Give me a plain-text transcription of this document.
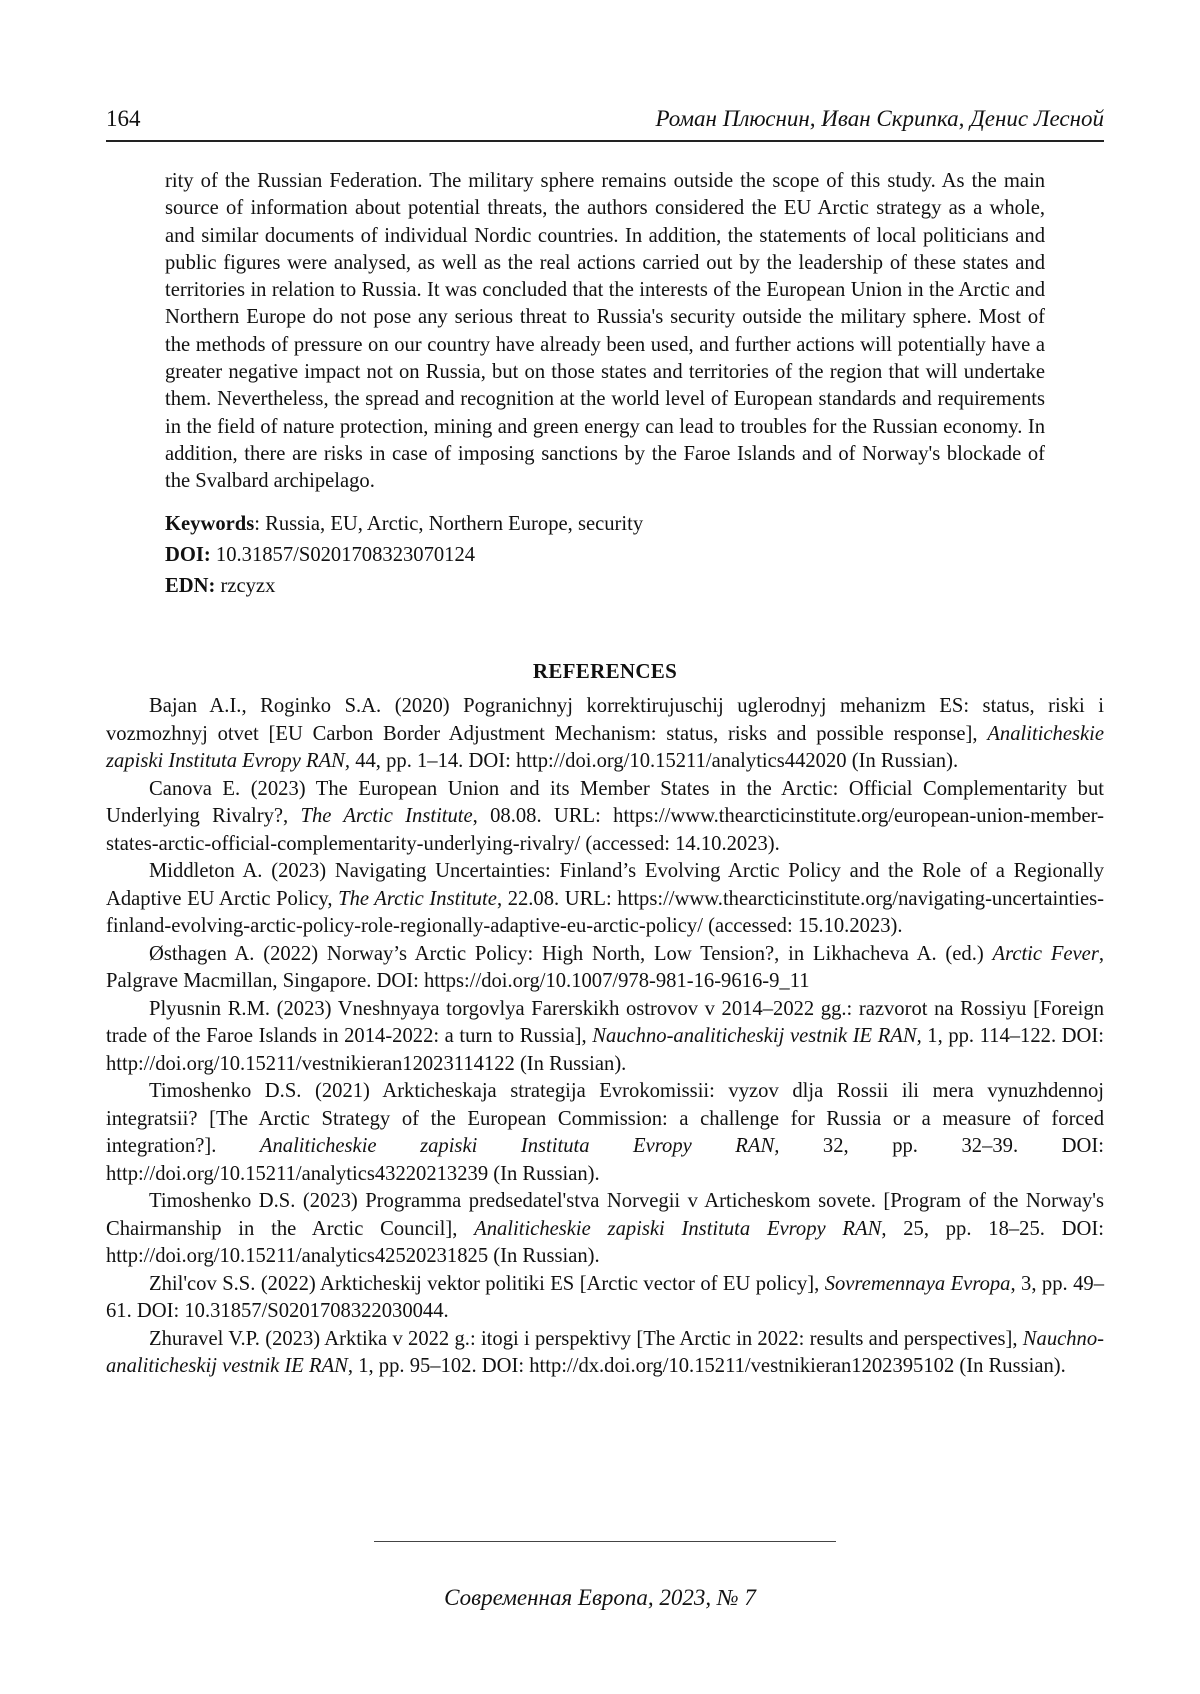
164	Роман Плюснин, Иван Скрипка, Денис Лесной

rity of the Russian Federation. The military sphere remains outside the scope of this study. As the main source of information about potential threats, the authors considered the EU Arctic strategy as a whole, and similar documents of individual Nordic countries. In addition, the statements of local politicians and public figures were analysed, as well as the real actions carried out by the leadership of these states and territories in relation to Russia. It was concluded that the interests of the European Union in the Arctic and Northern Europe do not pose any serious threat to Russia's security outside the military sphere. Most of the methods of pressure on our country have already been used, and further actions will potentially have a greater negative impact not on Russia, but on those states and territories of the region that will undertake them. Nevertheless, the spread and recognition at the world level of European standards and requirements in the field of nature protection, mining and green energy can lead to troubles for the Russian economy. In addition, there are risks in case of imposing sanctions by the Faroe Islands and of Norway's blockade of the Svalbard archipelago.

Keywords: Russia, EU, Arctic, Northern Europe, security

DOI: 10.31857/S0201708323070124

EDN: rzcyzx

REFERENCES

Bajan A.I., Roginko S.A. (2020) Pogranichnyj korrektirujuschij uglerodnyj mehanizm ES: status, riski i vozmozhnyj otvet [EU Carbon Border Adjustment Mechanism: status, risks and possible response], Analiticheskie zapiski Instituta Evropy RAN, 44, pp. 1–14. DOI: http://doi.org/10.15211/analytics442020 (In Russian).

Canova E. (2023) The European Union and its Member States in the Arctic: Official Complementarity but Underlying Rivalry?, The Arctic Institute, 08.08. URL: https://www.thearcticinstitute.org/european-union-member-states-arctic-official-complementarity-underlying-rivalry/ (accessed: 14.10.2023).

Middleton A. (2023) Navigating Uncertainties: Finland’s Evolving Arctic Policy and the Role of a Regionally Adaptive EU Arctic Policy, The Arctic Institute, 22.08. URL: https://www.thearcticinstitute.org/navigating-uncertainties-finland-evolving-arctic-policy-role-regionally-adaptive-eu-arctic-policy/ (accessed: 15.10.2023).

Østhagen A. (2022) Norway’s Arctic Policy: High North, Low Tension?, in Likhacheva A. (ed.) Arctic Fever, Palgrave Macmillan, Singapore. DOI: https://doi.org/10.1007/978-981-16-9616-9_11

Plyusnin R.M. (2023) Vneshnyaya torgovlya Farerskikh ostrovov v 2014–2022 gg.: razvorot na Rossiyu [Foreign trade of the Faroe Islands in 2014-2022: a turn to Russia], Nauchno-analiticheskij vestnik IE RAN, 1, pp. 114–122. DOI: http://doi.org/10.15211/vestnikieran12023114122 (In Russian).

Timoshenko D.S. (2021) Arkticheskaja strategija Evrokomissii: vyzov dlja Rossii ili mera vynuzhdennoj integratsii? [The Arctic Strategy of the European Commission: a challenge for Russia or a measure of forced integration?]. Analiticheskie zapiski Instituta Evropy RAN, 32, pp. 32–39. DOI: http://doi.org/10.15211/analytics43220213239 (In Russian).

Timoshenko D.S. (2023) Programma predsedatel'stva Norvegii v Articheskom sovete. [Program of the Norway's Chairmanship in the Arctic Council], Analiticheskie zapiski Instituta Evropy RAN, 25, pp. 18–25. DOI: http://doi.org/10.15211/analytics42520231825 (In Russian).

Zhil'cov S.S. (2022) Arkticheskij vektor politiki ES [Arctic vector of EU policy], Sovremennaya Evropa, 3, pp. 49–61. DOI: 10.31857/S0201708322030044.

Zhuravel V.P. (2023) Arktika v 2022 g.: itogi i perspektivy [The Arctic in 2022: results and perspectives], Nauchno-analiticheskij vestnik IE RAN, 1, pp. 95–102. DOI: http://dx.doi.org/10.15211/vestnikieran1202395102 (In Russian).

Современная Европа, 2023, № 7
